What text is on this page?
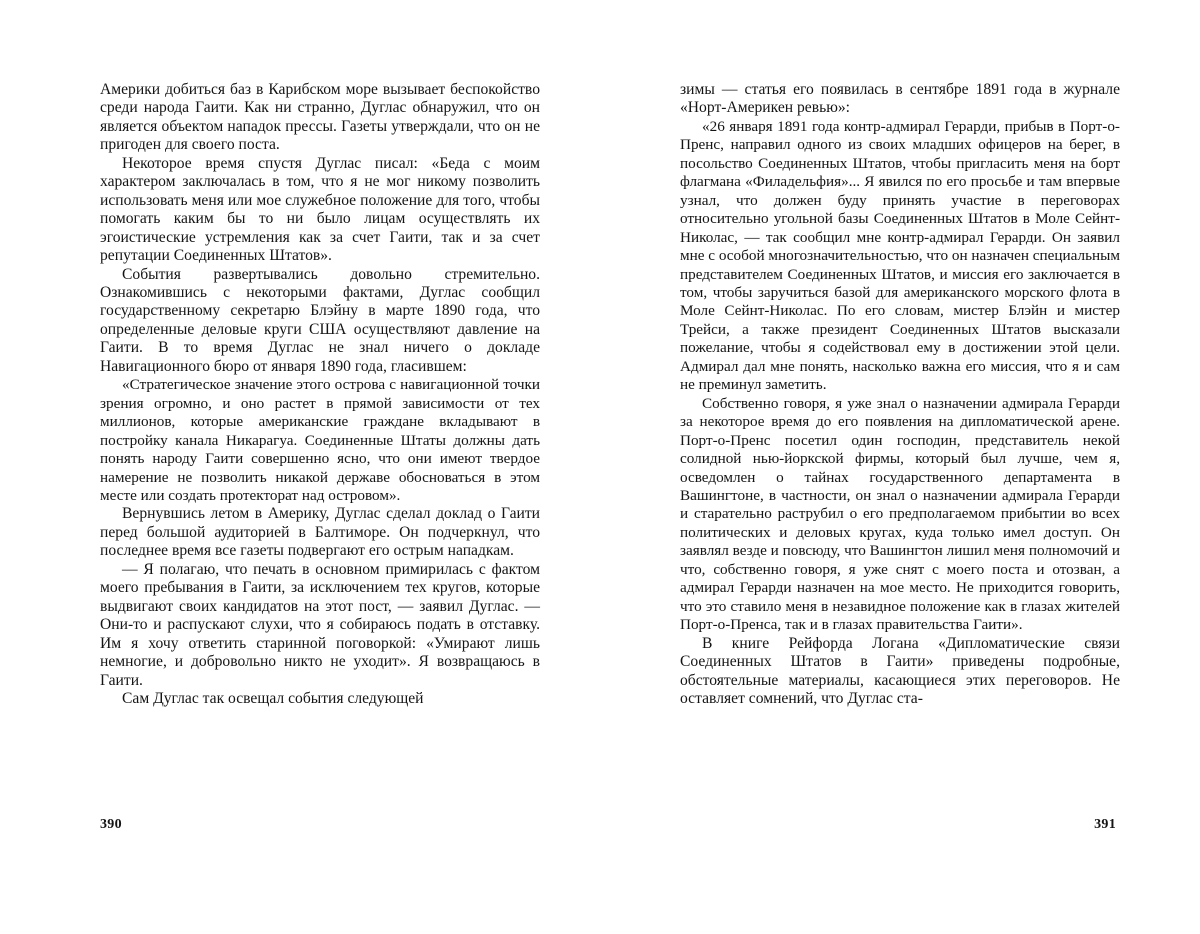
Америки добиться баз в Карибском море вызывает беспокойство среди народа Гаити. Как ни странно, Дуглас обнаружил, что он является объектом нападок прессы. Газеты утверждали, что он не пригоден для своего поста.

Некоторое время спустя Дуглас писал: «Беда с моим характером заключалась в том, что я не мог никому позволить использовать меня или мое служебное положение для того, чтобы помогать каким бы то ни было лицам осуществлять их эгоистические устремления как за счет Гаити, так и за счет репутации Соединенных Штатов».

События развертывались довольно стремительно. Ознакомившись с некоторыми фактами, Дуглас сообщил государственному секретарю Блэйну в марте 1890 года, что определенные деловые круги США осуществляют давление на Гаити. В то время Дуглас не знал ничего о докладе Навигационного бюро от января 1890 года, гласившем:

«Стратегическое значение этого острова с навигационной точки зрения огромно, и оно растет в прямой зависимости от тех миллионов, которые американские граждане вкладывают в постройку канала Никарагуа. Соединенные Штаты должны дать понять народу Гаити совершенно ясно, что они имеют твердое намерение не позволить никакой державе обосноваться в этом месте или создать протекторат над островом».

Вернувшись летом в Америку, Дуглас сделал доклад о Гаити перед большой аудиторией в Балтиморе. Он подчеркнул, что последнее время все газеты подвергают его острым нападкам.

— Я полагаю, что печать в основном примирилась с фактом моего пребывания в Гаити, за исключением тех кругов, которые выдвигают своих кандидатов на этот пост, — заявил Дуглас. — Они-то и распускают слухи, что я собираюсь подать в отставку. Им я хочу ответить старинной поговоркой: «Умирают лишь немногие, и добровольно никто не уходит». Я возвращаюсь в Гаити.

Сам Дуглас так освещал события следующей

390

зимы — статья его появилась в сентябре 1891 года в журнале «Норт-Америкен ревью»:

«26 января 1891 года контр-адмирал Герарди, прибыв в Порт-о-Пренс, направил одного из своих младших офицеров на берег, в посольство Соединенных Штатов, чтобы пригласить меня на борт флагмана «Филадельфия»... Я явился по его просьбе и там впервые узнал, что должен буду принять участие в переговорах относительно угольной базы Соединенных Штатов в Моле Сейнт-Николас, — так сообщил мне контр-адмирал Герарди. Он заявил мне с особой многозначительностью, что он назначен специальным представителем Соединенных Штатов, и миссия его заключается в том, чтобы заручиться базой для американского морского флота в Моле Сейнт-Николас. По его словам, мистер Блэйн и мистер Трейси, а также президент Соединенных Штатов высказали пожелание, чтобы я содействовал ему в достижении этой цели. Адмирал дал мне понять, насколько важна его миссия, что я и сам не преминул заметить.

Собственно говоря, я уже знал о назначении адмирала Герарди за некоторое время до его появления на дипломатической арене. Порт-о-Пренс посетил один господин, представитель некой солидной нью-йоркской фирмы, который был лучше, чем я, осведомлен о тайнах государственного департамента в Вашингтоне, в частности, он знал о назначении адмирала Герарди и старательно раструбил о его предполагаемом прибытии во всех политических и деловых кругах, куда только имел доступ. Он заявлял везде и повсюду, что Вашингтон лишил меня полномочий и что, собственно говоря, я уже снят с моего поста и отозван, а адмирал Герарди назначен на мое место. Не приходится говорить, что это ставило меня в незавидное положение как в глазах жителей Порт-о-Пренса, так и в глазах правительства Гаити».

В книге Рейфорда Логана «Дипломатические связи Соединенных Штатов в Гаити» приведены подробные, обстоятельные материалы, касающиеся этих переговоров. Не оставляет сомнений, что Дуглас ста-

391
